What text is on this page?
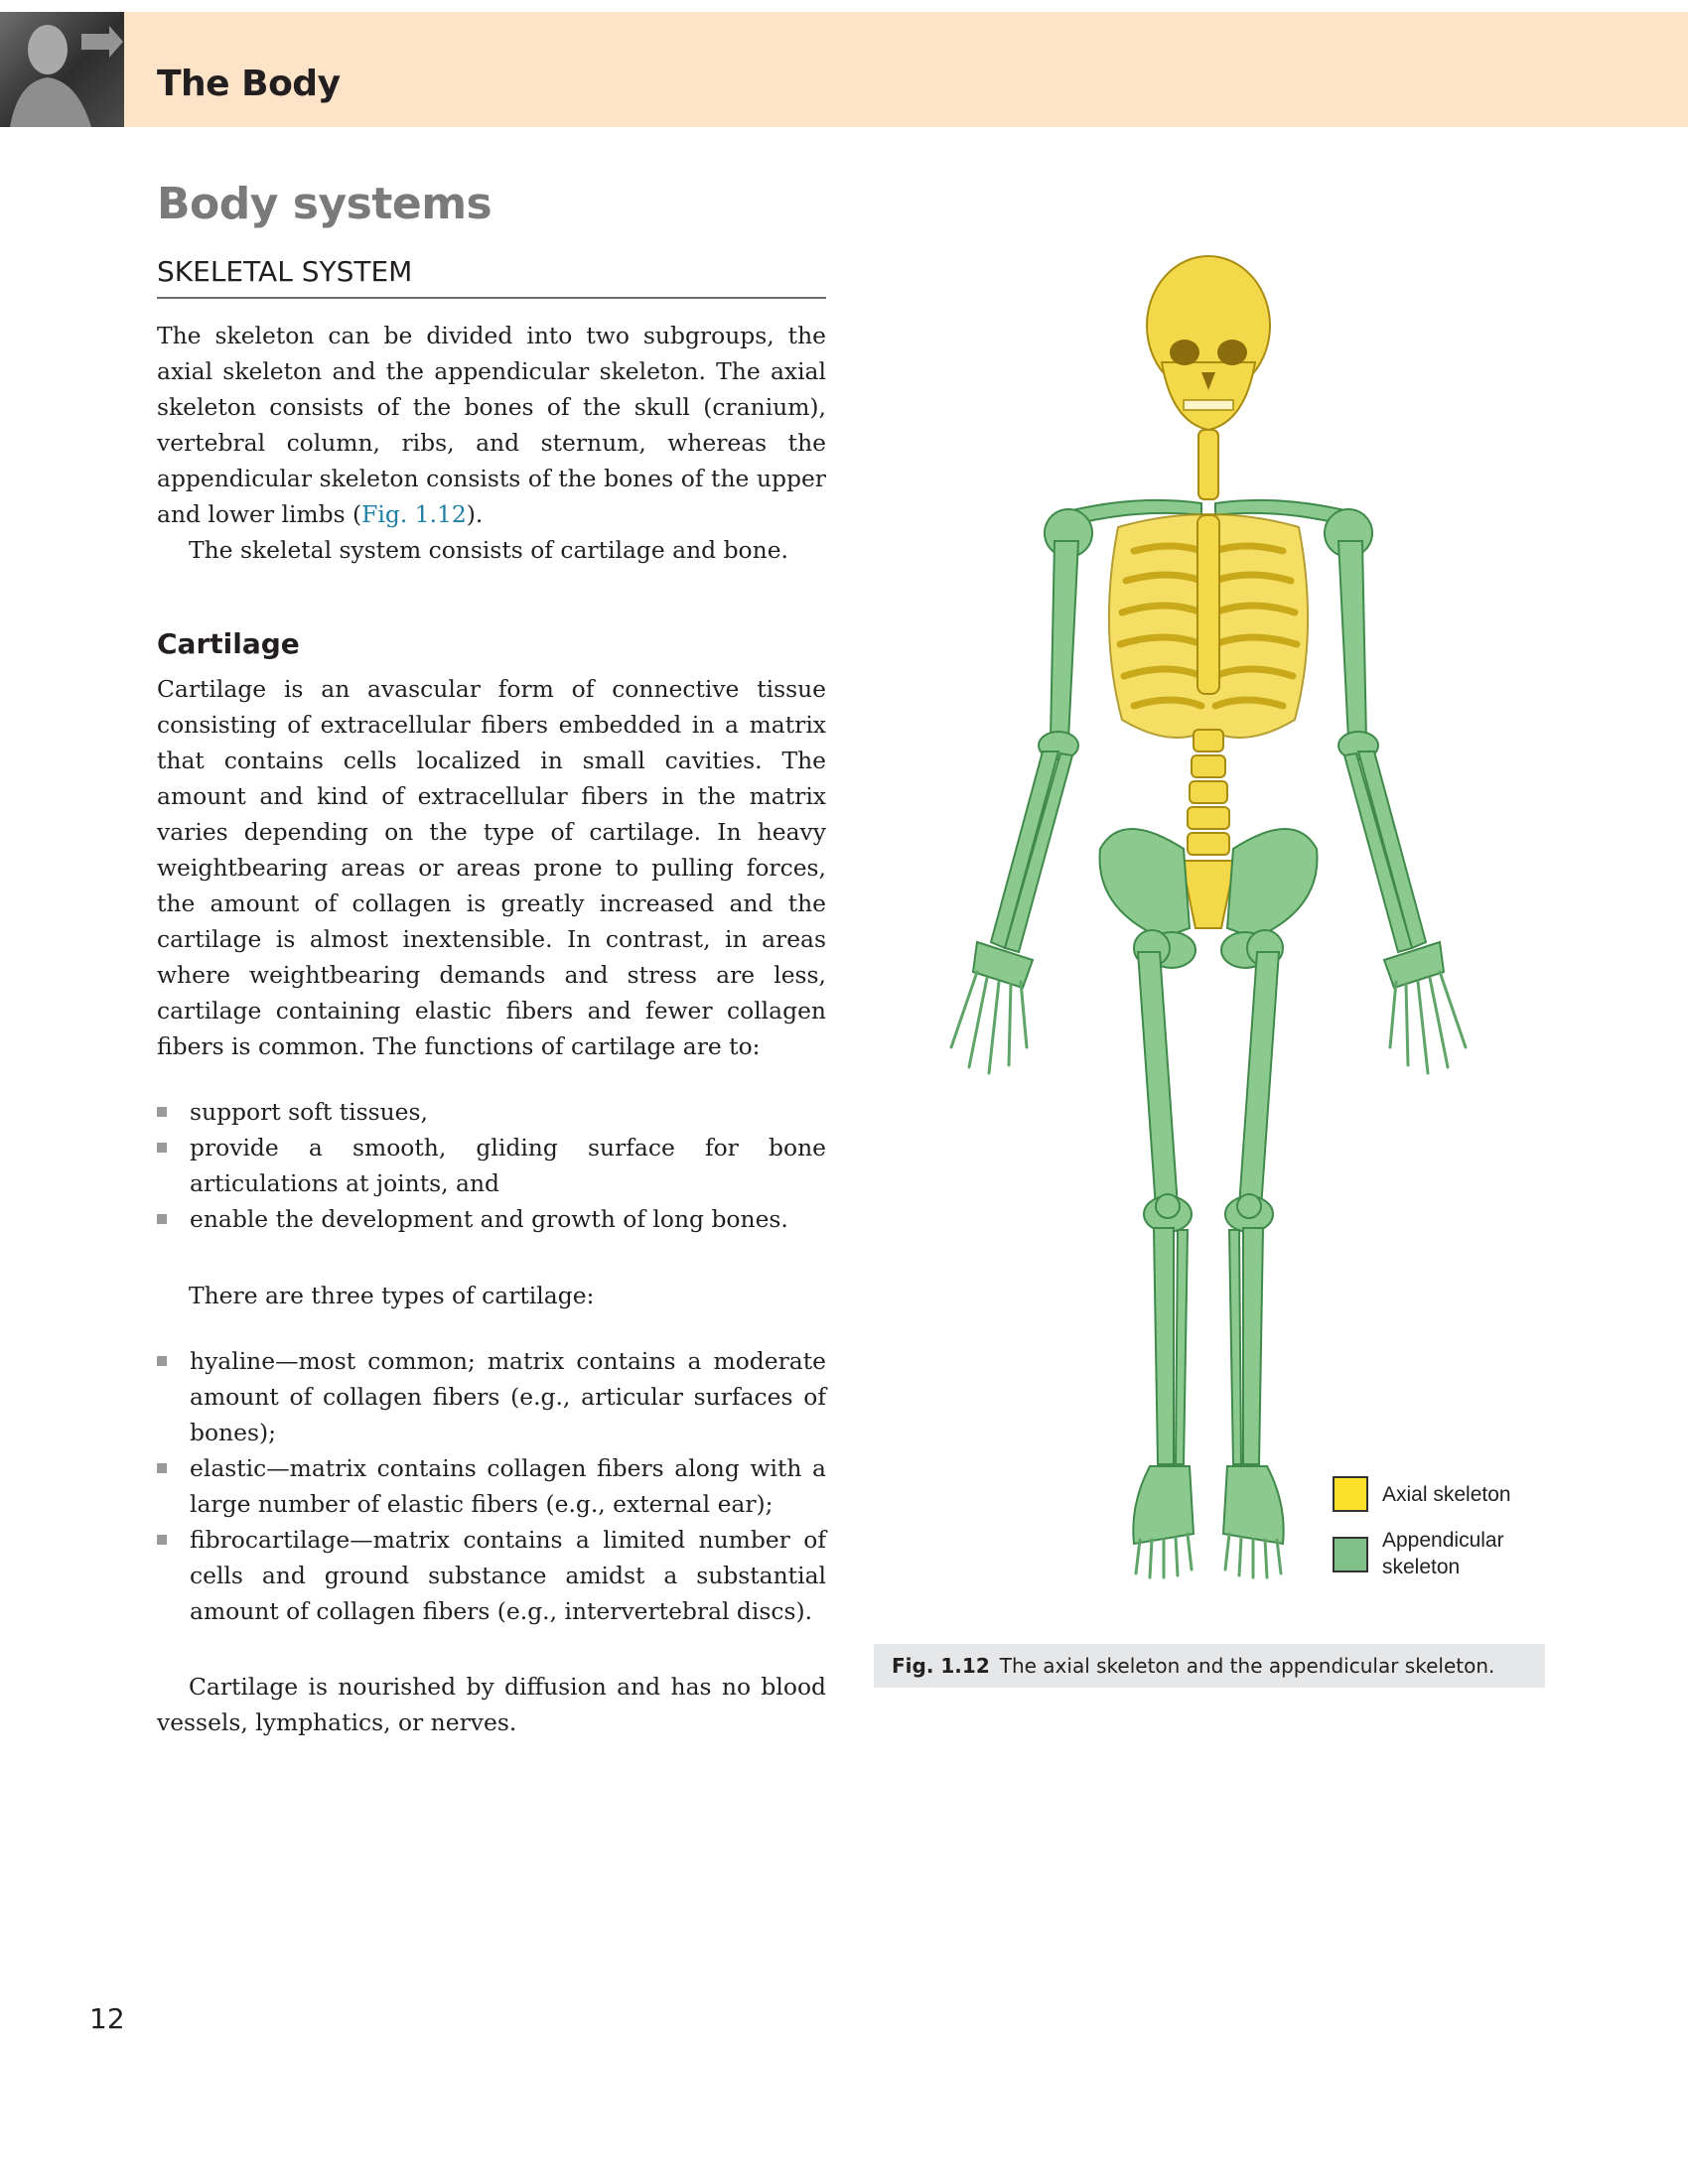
The Body
Body systems
SKELETAL SYSTEM

The skeleton can be divided into two subgroups, the axial skeleton and the appendicular skeleton. The axial skeleton consists of the bones of the skull (cranium), vertebral column, ribs, and sternum, whereas the appendicular skeleton consists of the bones of the upper and lower limbs (Fig. 1.12).

The skeletal system consists of cartilage and bone.

Cartilage

Cartilage is an avascular form of connective tissue consisting of extracellular fibers embedded in a matrix that contains cells localized in small cavities. The amount and kind of extracellular fibers in the matrix varies depending on the type of cartilage. In heavy weightbearing areas or areas prone to pulling forces, the amount of collagen is greatly increased and the cartilage is almost inextensible. In contrast, in areas where weightbearing demands and stress are less, cartilage containing elastic fibers and fewer collagen fibers is common. The functions of cartilage are to:

support soft tissues,
provide a smooth, gliding surface for bone articulations at joints, and
enable the development and growth of long bones.

There are three types of cartilage:

hyaline—most common; matrix contains a moderate amount of collagen fibers (e.g., articular surfaces of bones);
elastic—matrix contains collagen fibers along with a large number of elastic fibers (e.g., external ear);
fibrocartilage—matrix contains a limited number of cells and ground substance amidst a substantial amount of collagen fibers (e.g., intervertebral discs).

Cartilage is nourished by diffusion and has no blood vessels, lymphatics, or nerves.

Axial skeleton
Appendicular
skeleton
Fig. 1.12 The axial skeleton and the appendicular skeleton.
12
